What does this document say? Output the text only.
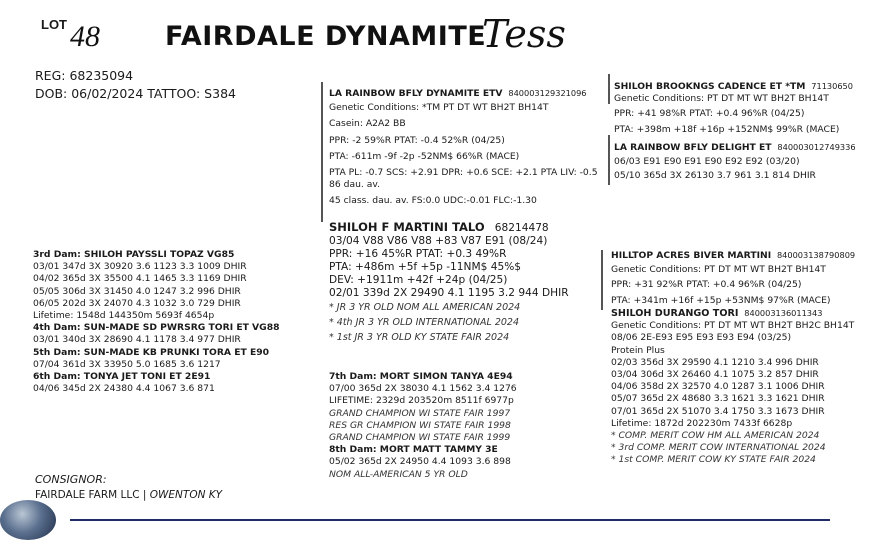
LOT 48 FAIRDALE DYNAMITE
Tess
REG: 68235094
DOB: 06/02/2024 TATTOO: S384	LA RAINBOW BFLY DYNAMITE ETV 840003129321096
Genetic Conditions: *TM PT DT WT BH2T BH14T
Casein: A2A2 BB
PPR: -2 59%R PTAT: -0.4 52%R (04/25)
PTA: -611m -9f -2p -52NM$ 66%R (MACE)
PTA PL: -0.7 SCS: +2.91 DPR: +0.6 SCE: +2.1 PTA LIV: -0.5
86 dau. av.
45 class. dau. av. FS:0.0 UDC:-0.01 FLC:-1.30
SHILOH BROOKNGS CADENCE ET *TM 71130650
Genetic Conditions: PT DT MT WT BH2T BH14T
PPR: +41 98%R PTAT: +0.4 96%R (04/25)
PTA: +398m +18f +16p +152NM$ 99%R (MACE)
LA RAINBOW BFLY DELIGHT ET 840003012749336
06/03 E91 E90 E91 E90 E92 E92 (03/20)
05/10 365d 3X 26130 3.7 961 3.1 814 DHIR
SHILOH F MARTINI TALO 68214478
03/04 V88 V86 V88 +83 V87 E91 (08/24)
PPR: +16 45%R PTAT: +0.3 49%R
PTA: +486m +5f +5p -11NM$ 45%$
DEV: +1911m +42f +24p (04/25)
02/01 339d 2X 29490 4.1 1195 3.2 944 DHIR
* JR 3 YR OLD NOM ALL AMERICAN 2024
* 4th JR 3 YR OLD INTERNATIONAL 2024
* 1st JR 3 YR OLD KY STATE FAIR 2024
HILLTOP ACRES BIVER MARTINI 840003138790809
Genetic Conditions: PT DT MT WT BH2T BH14T
PPR: +31 92%R PTAT: +0.4 96%R (04/25)
PTA: +341m +16f +15p +53NM$ 97%R (MACE)
SHILOH DURANGO TORI 840003136011343
Genetic Conditions: PT DT MT WT BH2T BH2C BH14T
08/06 2E-E93 E95 E93 E93 E94 (03/25)
Protein Plus
02/03 356d 3X 29590 4.1 1210 3.4 996 DHIR
03/04 306d 3X 26460 4.1 1075 3.2 857 DHIR
04/06 358d 2X 32570 4.0 1287 3.1 1006 DHIR
05/07 365d 2X 48680 3.3 1621 3.3 1621 DHIR
07/01 365d 2X 51070 3.4 1750 3.3 1673 DHIR
Lifetime: 1872d 202230m 7433f 6628p
* COMP. MERIT COW HM ALL AMERICAN 2024
* 3rd COMP. MERIT COW INTERNATIONAL 2024
* 1st COMP. MERIT COW KY STATE FAIR 2024
3rd Dam: SHILOH PAYSSLI TOPAZ VG85
03/01 347d 3X 30920 3.6 1123 3.3 1009 DHIR
04/02 365d 3X 35500 4.1 1465 3.3 1169 DHIR
05/05 306d 3X 31450 4.0 1247 3.2 996 DHIR
06/05 202d 3X 24070 4.3 1032 3.0 729 DHIR
Lifetime: 1548d 144350m 5693f 4654p
4th Dam: SUN-MADE SD PWRSRG TORI ET VG88
03/01 340d 3X 28690 4.1 1178 3.4 977 DHIR
5th Dam: SUN-MADE KB PRUNKI TORA ET E90
07/04 361d 3X 33950 5.0 1685 3.6 1217
6th Dam: TONYA JET TONI ET 2E91
04/06 345d 2X 24380 4.4 1067 3.6 871
7th Dam: MORT SIMON TANYA 4E94
07/00 365d 2X 38030 4.1 1562 3.4 1276
LIFETIME: 2329d 203520m 8511f 6977p
GRAND CHAMPION WI STATE FAIR 1997
RES GR CHAMPION WI STATE FAIR 1998
GRAND CHAMPION WI STATE FAIR 1999
8th Dam: MORT MATT TAMMY 3E
05/02 365d 2X 24950 4.4 1093 3.6 898
NOM ALL-AMERICAN 5 YR OLD
CONSIGNOR:
FAIRDALE FARM LLC | OWENTON KY
